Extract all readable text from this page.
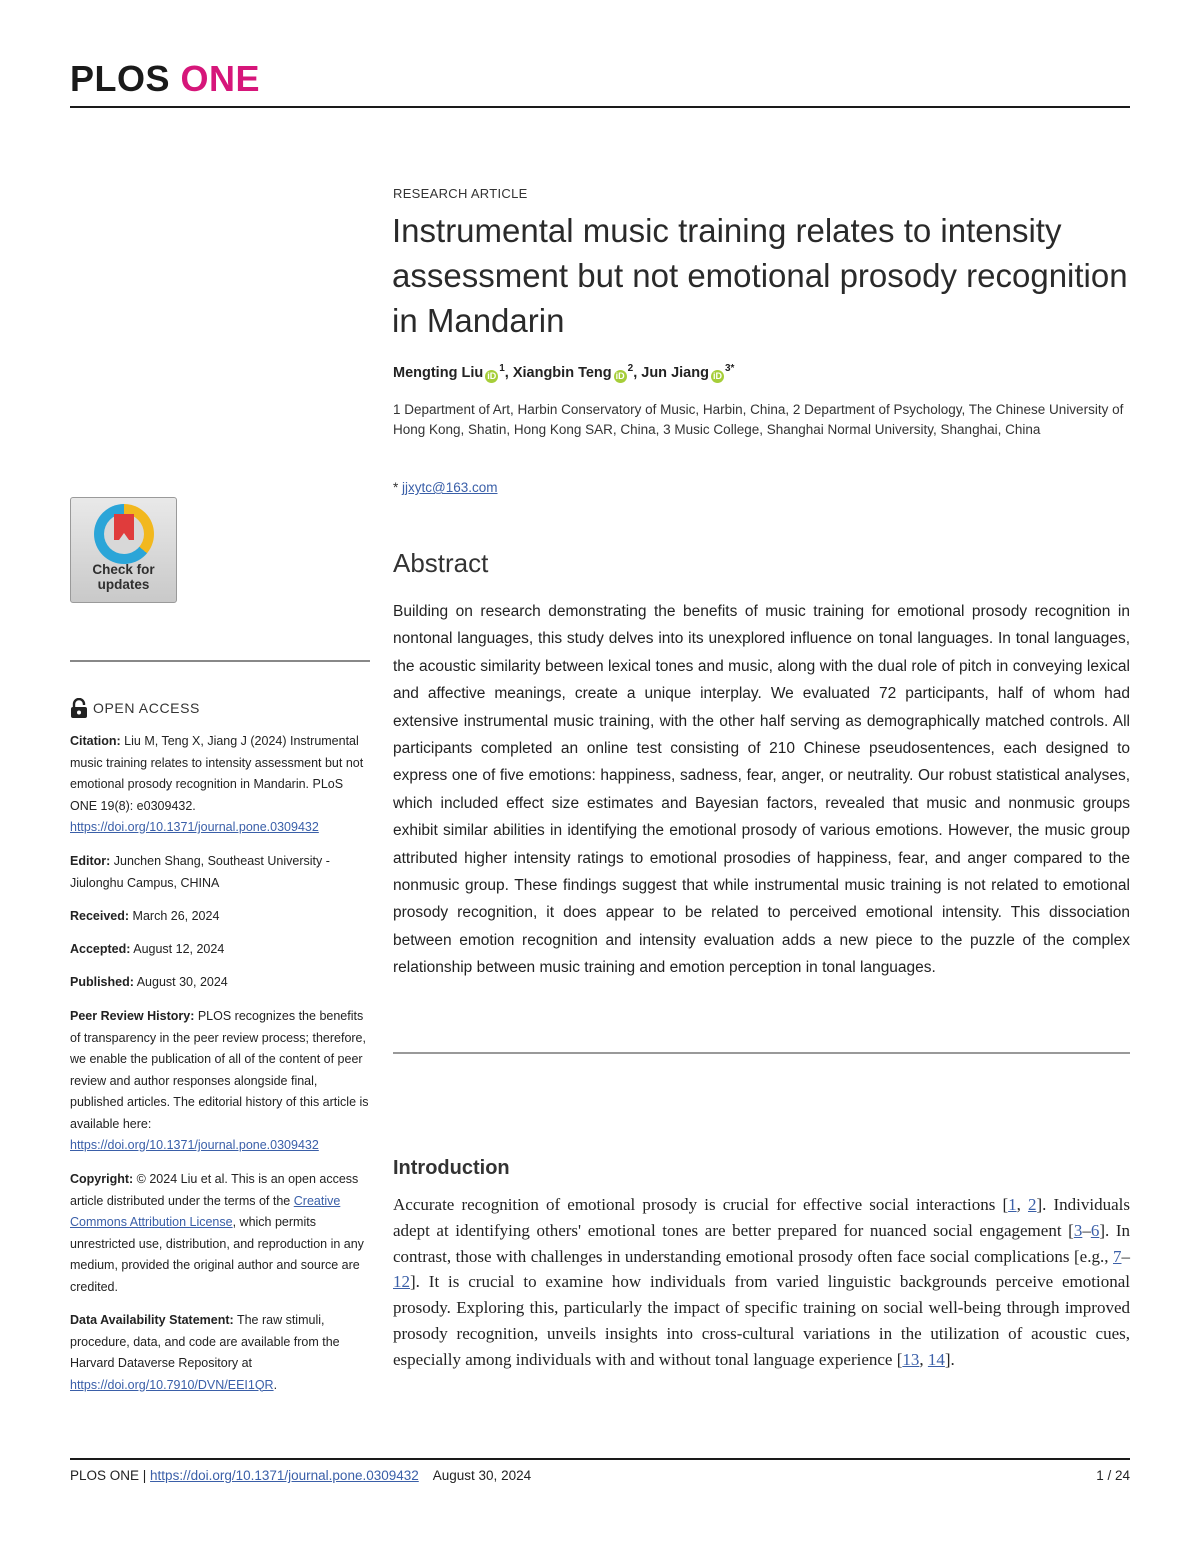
PLOS ONE
Check for updates
OPEN ACCESS
Citation: Liu M, Teng X, Jiang J (2024) Instrumental music training relates to intensity assessment but not emotional prosody recognition in Mandarin. PLoS ONE 19(8): e0309432. https://doi.org/10.1371/journal.pone.0309432
Editor: Junchen Shang, Southeast University - Jiulonghu Campus, CHINA
Received: March 26, 2024
Accepted: August 12, 2024
Published: August 30, 2024
Peer Review History: PLOS recognizes the benefits of transparency in the peer review process; therefore, we enable the publication of all of the content of peer review and author responses alongside final, published articles. The editorial history of this article is available here: https://doi.org/10.1371/journal.pone.0309432
Copyright: © 2024 Liu et al. This is an open access article distributed under the terms of the Creative Commons Attribution License, which permits unrestricted use, distribution, and reproduction in any medium, provided the original author and source are credited.
Data Availability Statement: The raw stimuli, procedure, data, and code are available from the Harvard Dataverse Repository at https://doi.org/10.7910/DVN/EEI1QR.
RESEARCH ARTICLE
Instrumental music training relates to intensity assessment but not emotional prosody recognition in Mandarin
Mengting Liu $iD^1$, Xiangbin Teng $iD^2$, Jun Jiang $iD^{3*}$
1 Department of Art, Harbin Conservatory of Music, Harbin, China, 2 Department of Psychology, The Chinese University of Hong Kong, Shatin, Hong Kong SAR, China, 3 Music College, Shanghai Normal University, Shanghai, China
* jjxytc@163.com
Abstract
Building on research demonstrating the benefits of music training for emotional prosody recognition in nontonal languages, this study delves into its unexplored influence on tonal languages. In tonal languages, the acoustic similarity between lexical tones and music, along with the dual role of pitch in conveying lexical and affective meanings, create a unique interplay. We evaluated 72 participants, half of whom had extensive instrumental music training, with the other half serving as demographically matched controls. All participants completed an online test consisting of 210 Chinese pseudosentences, each designed to express one of five emotions: happiness, sadness, fear, anger, or neutrality. Our robust statistical analyses, which included effect size estimates and Bayesian factors, revealed that music and nonmusic groups exhibit similar abilities in identifying the emotional prosody of various emotions. However, the music group attributed higher intensity ratings to emotional prosodies of happiness, fear, and anger compared to the nonmusic group. These findings suggest that while instrumental music training is not related to emotional prosody recognition, it does appear to be related to perceived emotional intensity. This dissociation between emotion recognition and intensity evaluation adds a new piece to the puzzle of the complex relationship between music training and emotion perception in tonal languages.
Introduction
Accurate recognition of emotional prosody is crucial for effective social interactions [1, 2]. Individuals adept at identifying others' emotional tones are better prepared for nuanced social engagement [3–6]. In contrast, those with challenges in understanding emotional prosody often face social complications [e.g., 7–12]. It is crucial to examine how individuals from varied linguistic backgrounds perceive emotional prosody. Exploring this, particularly the impact of specific training on social well-being through improved prosody recognition, unveils insights into cross-cultural variations in the utilization of acoustic cues, especially among individuals with and without tonal language experience [13, 14].
PLOS ONE | https://doi.org/10.1371/journal.pone.0309432 August 30, 2024	1 / 24
